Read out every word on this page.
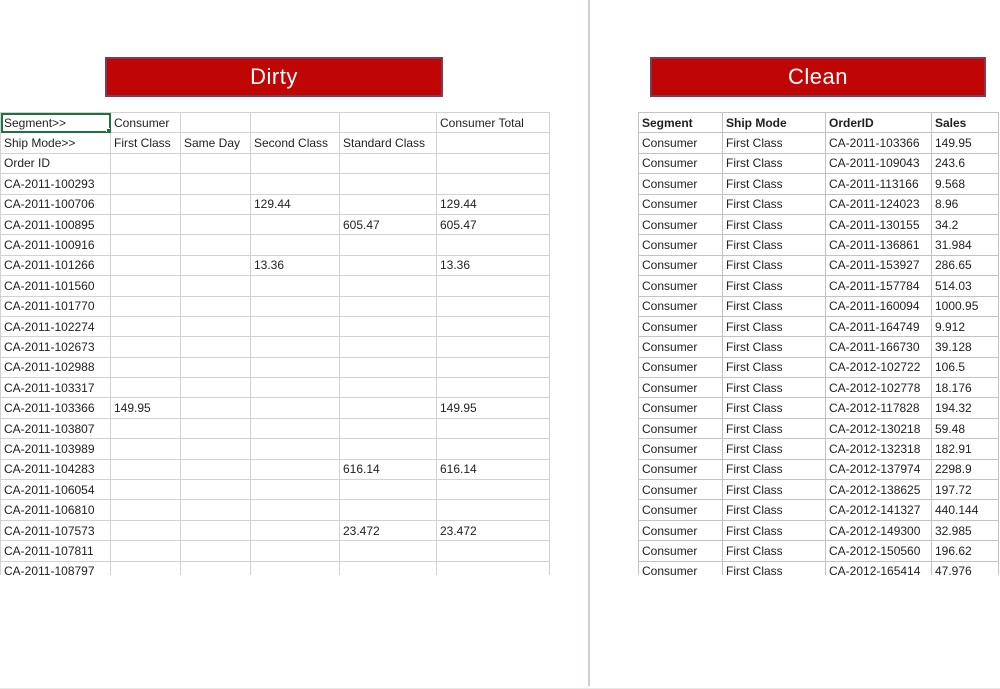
Dirty	Clean
Segment>>	Consumer				Consumer Total
Ship Mode>>	First Class	Same Day	Second Class	Standard Class	
Order ID					
CA-2011-100293					
CA-2011-100706			129.44		129.44
CA-2011-100895				605.47	605.47
CA-2011-100916					
CA-2011-101266			13.36		13.36
CA-2011-101560					
CA-2011-101770					
CA-2011-102274					
CA-2011-102673					
CA-2011-102988					
CA-2011-103317					
CA-2011-103366	149.95				149.95
CA-2011-103807					
CA-2011-103989					
CA-2011-104283				616.14	616.14
CA-2011-106054					
CA-2011-106810					
CA-2011-107573				23.472	23.472
CA-2011-107811					
CA-2011-108797					
Segment	Ship Mode	OrderID	Sales
Consumer	First Class	CA-2011-103366	149.95
Consumer	First Class	CA-2011-109043	243.6
Consumer	First Class	CA-2011-113166	9.568
Consumer	First Class	CA-2011-124023	8.96
Consumer	First Class	CA-2011-130155	34.2
Consumer	First Class	CA-2011-136861	31.984
Consumer	First Class	CA-2011-153927	286.65
Consumer	First Class	CA-2011-157784	514.03
Consumer	First Class	CA-2011-160094	1000.95
Consumer	First Class	CA-2011-164749	9.912
Consumer	First Class	CA-2011-166730	39.128
Consumer	First Class	CA-2012-102722	106.5
Consumer	First Class	CA-2012-102778	18.176
Consumer	First Class	CA-2012-117828	194.32
Consumer	First Class	CA-2012-130218	59.48
Consumer	First Class	CA-2012-132318	182.91
Consumer	First Class	CA-2012-137974	2298.9
Consumer	First Class	CA-2012-138625	197.72
Consumer	First Class	CA-2012-141327	440.144
Consumer	First Class	CA-2012-149300	32.985
Consumer	First Class	CA-2012-150560	196.62
Consumer	First Class	CA-2012-165414	47.976
